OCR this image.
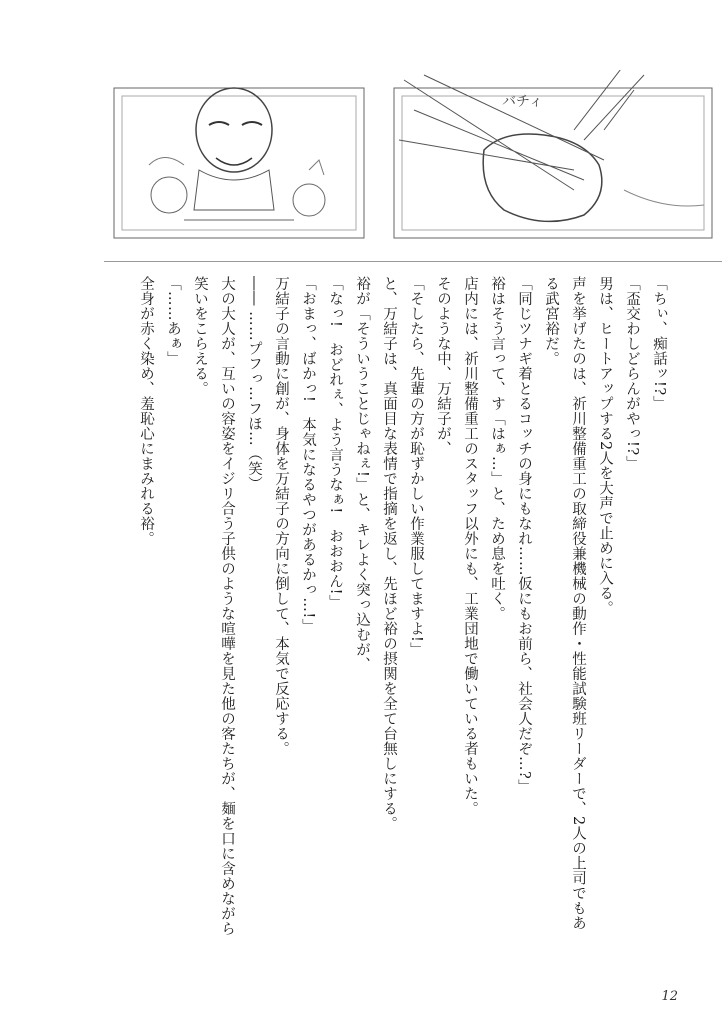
バチィ

「ちぃ、痴話ッ!?」

「盃交わしどらんがやっ!?」

男は、ヒートアップする2人を大声で止めに入る。

声を挙げたのは、祈川整備重工の取締役兼機械の動作・性能試験班リーダーで、2人の上司でもあ

る武宮裕だ。

「同じツナギ着とるコッチの身にもなれ……仮にもお前ら、社会人だぞ…?」

裕はそう言って、す「はぁ…」と、ため息を吐く。

店内には、祈川整備重工のスタッフ以外にも、工業団地で働いている者もいた。

そのような中、万結子が、

「そしたら、先輩の方が恥ずかしい作業服してますよ!」

と、万結子は、真面目な表情で指摘を返し、先ほど裕の摂関を全て台無しにする。

裕が「そういうことじゃねぇ!」と、キレよく突っ込むが、

「なっ!　おどれぇ、よう言うなぁ!　おおおん!」

「おまっ、ばかっ!　本気になるやつがあるかっ…!」

万結子の言動に創が、身体を万結子の方向に倒して、本気で反応する。

―― ……プフっ…フほ…（笑）

大の大人が、互いの容姿をイジリ合う子供のような喧嘩を見た他の客たちが、麺を口に含めながら

笑いをこらえる。

「……あぁ」

全身が赤く染め、羞恥心にまみれる裕。

12
